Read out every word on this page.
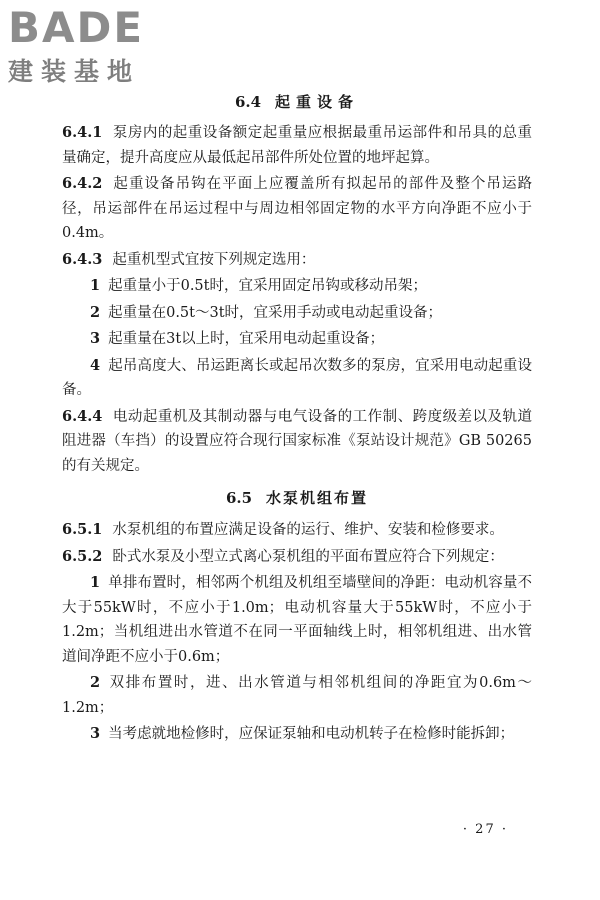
BADE
建装基地
6.4 起重设备

6.4.1 泵房内的起重设备额定起重量应根据最重吊运部件和吊具的总重量确定，提升高度应从最低起吊部件所处位置的地坪起算。

6.4.2 起重设备吊钩在平面上应覆盖所有拟起吊的部件及整个吊运路径，吊运部件在吊运过程中与周边相邻固定物的水平方向净距不应小于0.4m。

6.4.3 起重机型式宜按下列规定选用：

1 起重量小于0.5t时，宜采用固定吊钩或移动吊架；

2 起重量在0.5t～3t时，宜采用手动或电动起重设备；

3 起重量在3t以上时，宜采用电动起重设备；

4 起吊高度大、吊运距离长或起吊次数多的泵房，宜采用电动起重设备。

6.4.4 电动起重机及其制动器与电气设备的工作制、跨度级差以及轨道阻进器（车挡）的设置应符合现行国家标准《泵站设计规范》GB 50265的有关规定。

6.5 水泵机组布置

6.5.1 水泵机组的布置应满足设备的运行、维护、安装和检修要求。

6.5.2 卧式水泵及小型立式离心泵机组的平面布置应符合下列规定：

1 单排布置时，相邻两个机组及机组至墙壁间的净距：电动机容量不大于55kW时，不应小于1.0m；电动机容量大于55kW时，不应小于1.2m；当机组进出水管道不在同一平面轴线上时，相邻机组进、出水管道间净距不应小于0.6m；

2 双排布置时，进、出水管道与相邻机组间的净距宜为0.6m～1.2m；

3 当考虑就地检修时，应保证泵轴和电动机转子在检修时能拆卸；

· 27 ·
